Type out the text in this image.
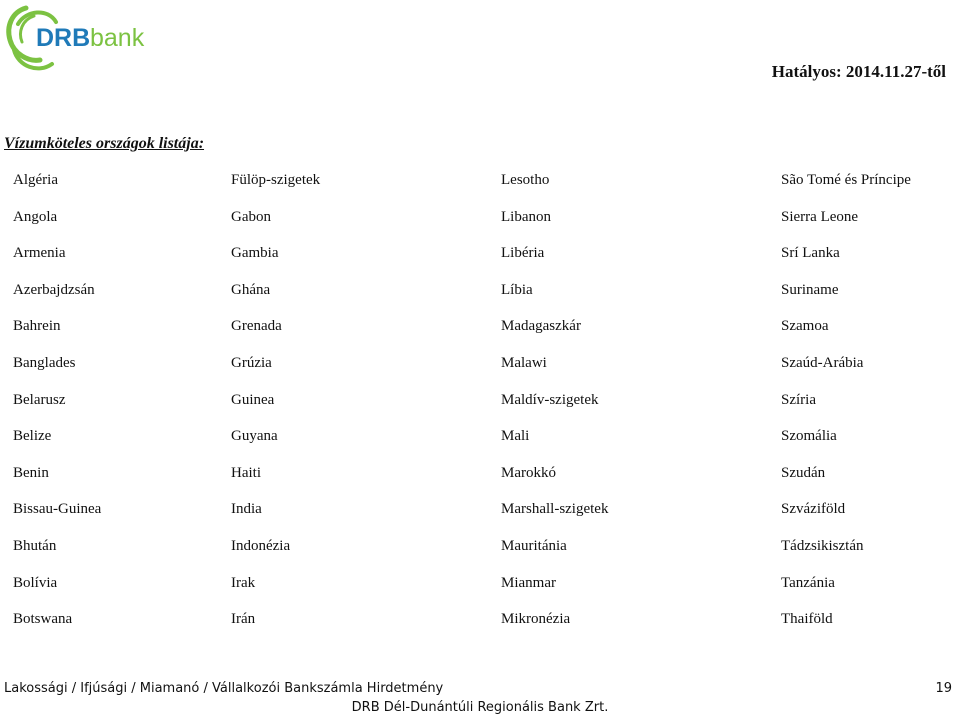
DRB bank
Hatályos: 2014.11.27-től
Vízumköteles országok listája:
Algéria
Angola
Armenia
Azerbajdzsán
Bahrein
Banglades
Belarusz
Belize
Benin
Bissau-Guinea
Bhután
Bolívia
Botswana
Fülöp-szigetek
Gabon
Gambia
Ghána
Grenada
Grúzia
Guinea
Guyana
Haiti
India
Indonézia
Irak
Irán
Lesotho
Libanon
Libéria
Líbia
Madagaszkár
Malawi
Maldív-szigetek
Mali
Marokkó
Marshall-szigetek
Mauritánia
Mianmar
Mikronézia
São Tomé és Príncipe
Sierra Leone
Srí Lanka
Suriname
Szamoa
Szaúd-Arábia
Szíria
Szomália
Szudán
Szváziföld
Tádzsikisztán
Tanzánia
Thaiföld
Lakossági / Ifjúsági / Miamanó / Vállalkozói Bankszámla Hirdetmény	19
DRB Dél-Dunántúli Regionális Bank Zrt.
